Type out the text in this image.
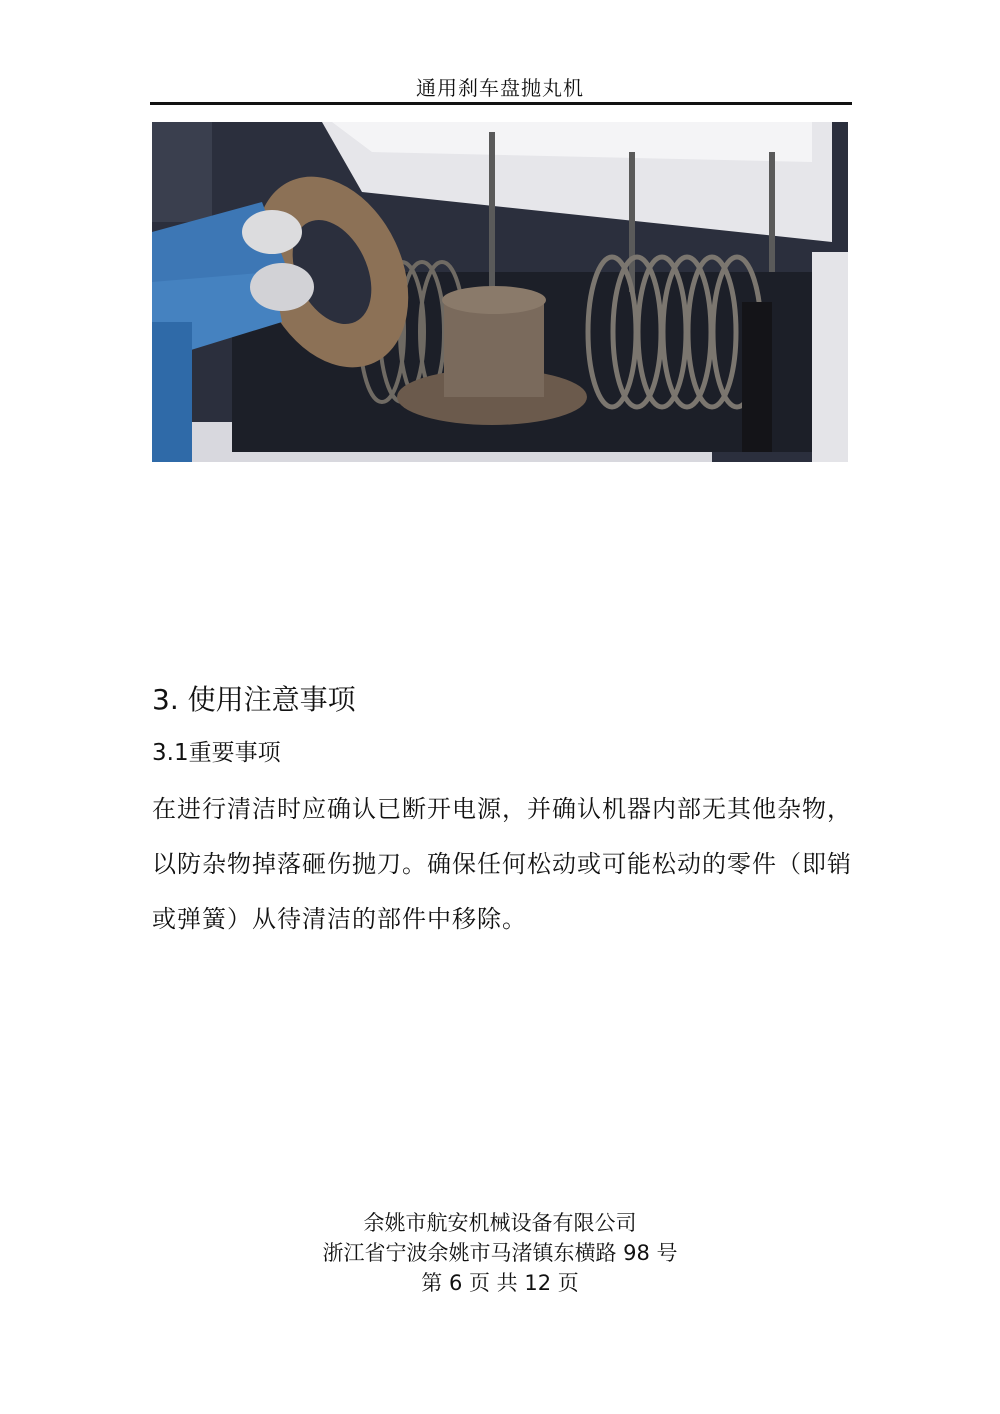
通用刹车盘抛丸机
3. 使用注意事项
3.1重要事项
在进行清洁时应确认已断开电源，并确认机器内部无其他杂物，以防杂物掉落砸伤抛刀。确保任何松动或可能松动的零件（即销或弹簧）从待清洁的部件中移除。
余姚市航安机械设备有限公司
浙江省宁波余姚市马渚镇东横路 98 号
第 6 页 共 12 页
